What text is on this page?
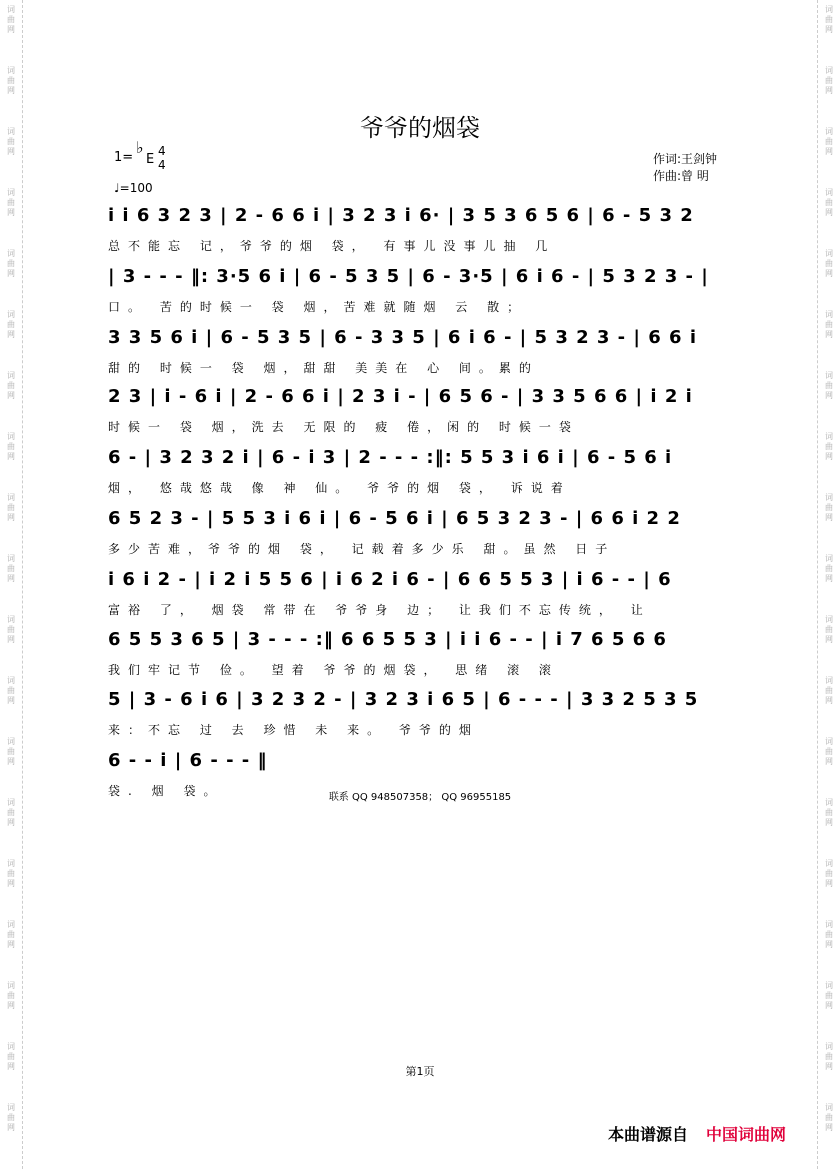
词
曲
网
词
曲
网
词
曲
网
词
曲
网
词
曲
网
词
曲
网
词
曲
网
词
曲
网
词
曲
网
词
曲
网
词
曲
网
词
曲
网
词
曲
网
词
曲
网
词
曲
网
词
曲
网
词
曲
网
词
曲
网
词
曲
网
词
曲
网
词
曲
网
词
曲
网
词
曲
网
词
曲
网
词
曲
网
词
曲
网
词
曲
网
词
曲
网
词
曲
网
词
曲
网
词
曲
网
词
曲
网
词
曲
网
词
曲
网
词
曲
网
词
曲
网
词
曲
网
词
曲
网
爷爷的烟袋
1=
♭
E
4
4
♩=100
作词:王剑钟
作曲:曾 明
i i 6 3 2 3 | 2 - 6 6 i | 3 2 3 i 6· | 3 5 3 6 5 6 | 6 - 5 3 2
总不能忘 记，爷爷的烟 袋， 有事儿没事儿抽 几
| 3 - - - ‖: 3·5 6 i | 6 - 5 3 5 | 6 - 3·5 | 6 i 6 - | 5 3 2 3 - |
口。 苦的时候一 袋 烟，苦难就随烟 云 散；
3 3 5 6 i | 6 - 5 3 5 | 6 - 3 3 5 | 6 i 6 - | 5 3 2 3 - | 6 6 i
甜的 时候一 袋 烟，甜甜 美美在 心 间。累的
2 3 | i - 6 i | 2 - 6 6 i | 2 3 i - | 6 5 6 - | 3 3 5 6 6 | i 2 i
时候一 袋 烟，洗去 无限的 疲 倦，闲的 时候一袋
6 - | 3 2 3 2 i | 6 - i 3 | 2 - - - :‖: 5 5 3 i 6 i | 6 - 5 6 i
烟， 悠哉悠哉 像 神 仙。 爷爷的烟 袋， 诉说着
6 5 2 3 - | 5 5 3 i 6 i | 6 - 5 6 i | 6 5 3 2 3 - | 6 6 i 2 2
多少苦难，爷爷的烟 袋， 记载着多少乐 甜。虽然 日子
i 6 i 2 - | i 2 i 5 5 6 | i 6 2 i 6 - | 6 6 5 5 3 | i 6 - - | 6
富裕 了， 烟袋 常带在 爷爷身 边； 让我们不忘传统， 让
6 5 5 3 6 5 | 3 - - - :‖ 6 6 5 5 3 | i i 6 - - | i 7 6 5 6 6
我们牢记节 俭。 望着 爷爷的烟袋， 思绪 滚 滚
5 | 3 - 6 i 6 | 3 2 3 2 - | 3 2 3 i 6 5 | 6 - - - | 3 3 2 5 3 5
来：不忘 过 去 珍惜 未 来。 爷爷的烟
6 - - i | 6 - - - ‖
袋. 烟 袋。	联系 QQ 948507358； QQ 96955185
第1页
本曲谱源自 中国词曲网
